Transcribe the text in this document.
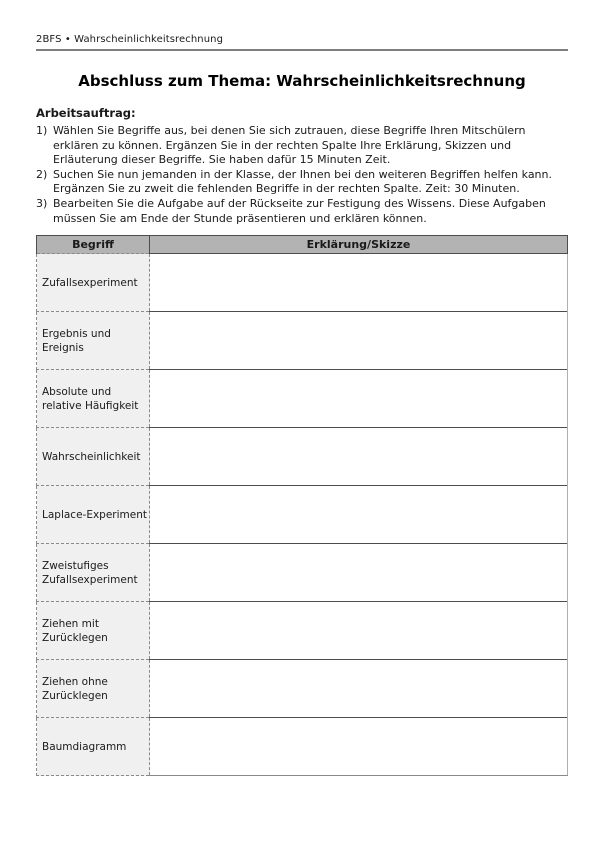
2BFS • Wahrscheinlichkeitsrechnung
Abschluss zum Thema: Wahrscheinlichkeitsrechnung
Arbeitsauftrag:
1) Wählen Sie Begriffe aus, bei denen Sie sich zutrauen, diese Begriffe Ihren Mitschülern erklären zu können. Ergänzen Sie in der rechten Spalte Ihre Erklärung, Skizzen und Erläuterung dieser Begriffe. Sie haben dafür 15 Minuten Zeit.
2) Suchen Sie nun jemanden in der Klasse, der Ihnen bei den weiteren Begriffen helfen kann. Ergänzen Sie zu zweit die fehlenden Begriffe in der rechten Spalte. Zeit: 30 Minuten.
3) Bearbeiten Sie die Aufgabe auf der Rückseite zur Festigung des Wissens. Diese Aufgaben müssen Sie am Ende der Stunde präsentieren und erklären können.
Begriff	Erklärung/Skizze
Zufallsexperiment	
Ergebnis und Ereignis	
Absolute und relative Häufigkeit	
Wahrscheinlichkeit	
Laplace-Experiment	
Zweistufiges Zufallsexperiment	
Ziehen mit Zurücklegen	
Ziehen ohne Zurücklegen	
Baumdiagramm	
